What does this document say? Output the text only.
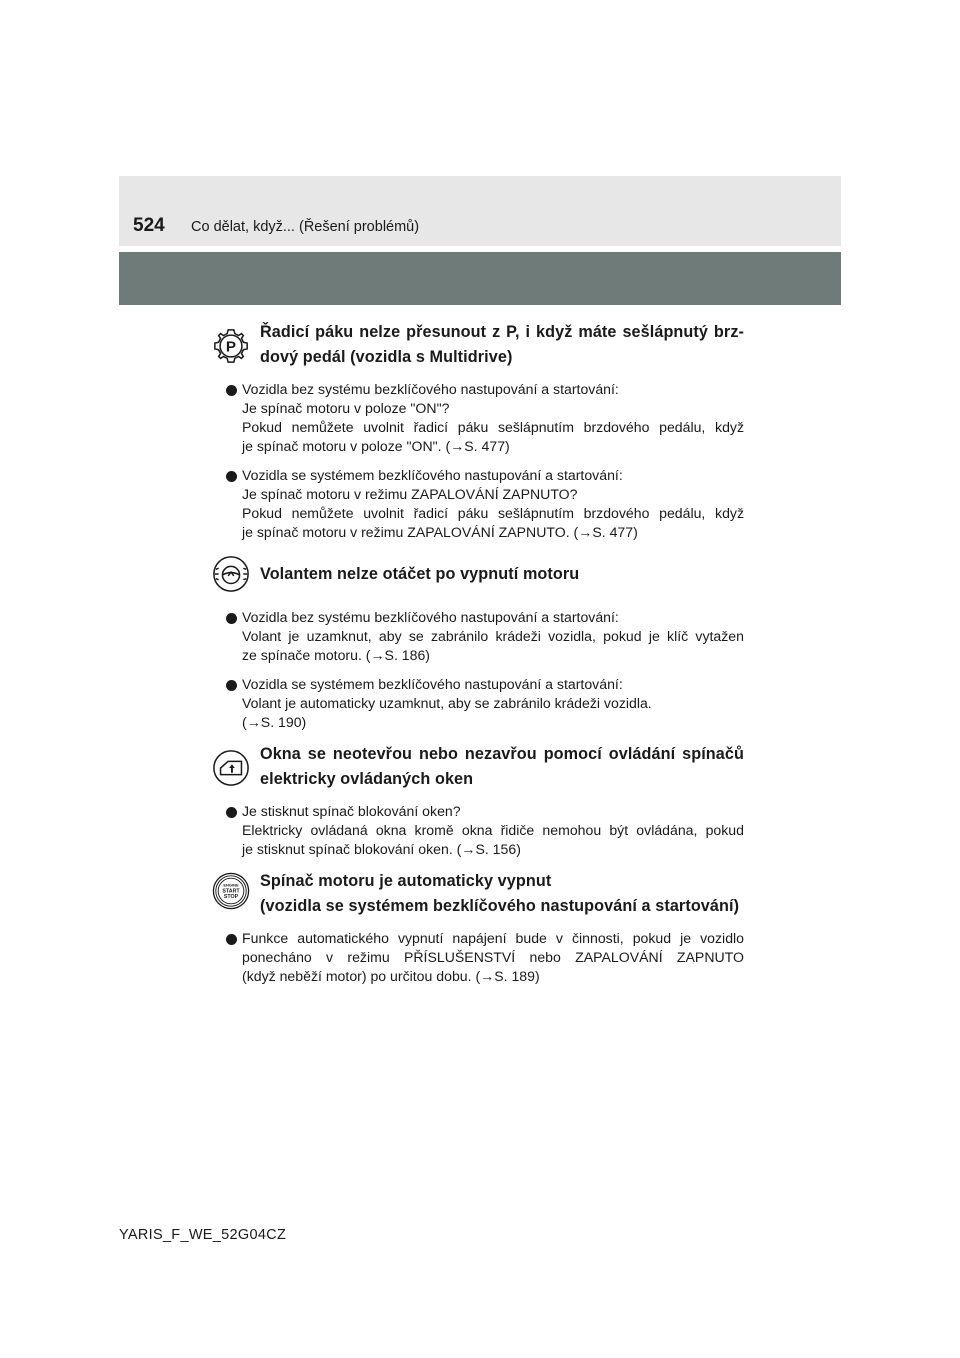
524 Co dělat, když... (Řešení problémů)
P
Řadicí páku nelze přesunout z P, i když máte sešlápnutý brz-dový pedál (vozidla s Multidrive)
Vozidla bez systému bezklíčového nastupování a startování:
Je spínač motoru v poloze "ON"?
Pokud nemůžete uvolnit řadicí páku sešlápnutím brzdového pedálu, když
je spínač motoru v poloze "ON". (→S. 477)
Vozidla se systémem bezklíčového nastupování a startování:
Je spínač motoru v režimu ZAPALOVÁNÍ ZAPNUTO?
Pokud nemůžete uvolnit řadicí páku sešlápnutím brzdového pedálu, když
je spínač motoru v režimu ZAPALOVÁNÍ ZAPNUTO. (→S. 477)
Volantem nelze otáčet po vypnutí motoru
Vozidla bez systému bezklíčového nastupování a startování:
Volant je uzamknut, aby se zabránilo krádeži vozidla, pokud je klíč vytažen
ze spínače motoru. (→S. 186)
Vozidla se systémem bezklíčového nastupování a startování:
Volant je automaticky uzamknut, aby se zabránilo krádeži vozidla.
(→S. 190)
Okna se neotevřou nebo nezavřou pomocí ovládání spínačů elektricky ovládaných oken
Je stisknut spínač blokování oken?
Elektricky ovládaná okna kromě okna řidiče nemohou být ovládána, pokud
je stisknut spínač blokování oken. (→S. 156)
ENGINE
START
STOP
Spínač motoru je automaticky vypnut
(vozidla se systémem bezklíčového nastupování a startování)
Funkce automatického vypnutí napájení bude v činnosti, pokud je vozidlo
ponecháno v režimu PŘÍSLUŠENSTVÍ nebo ZAPALOVÁNÍ ZAPNUTO
(když neběží motor) po určitou dobu. (→S. 189)
YARIS_F_WE_52G04CZ
